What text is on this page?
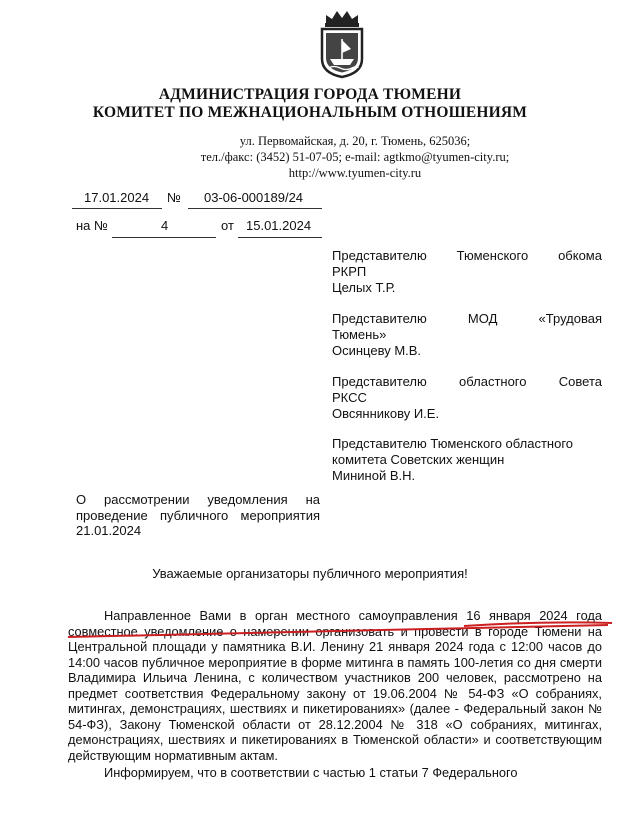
АДМИНИСТРАЦИЯ ГОРОДА ТЮМЕНИ
КОМИТЕТ ПО МЕЖНАЦИОНАЛЬНЫМ ОТНОШЕНИЯМ
ул. Первомайская, д. 20, г. Тюмень, 625036;
тел./факс: (3452) 51-07-05; e-mail: agtkmo@tyumen-city.ru;
http://www.tyumen-city.ru
17.01.2024 № 03-06-000189/24
на №	4	от 15.01.2024
Представителю Тюменского обкома
РКРП
Целых Т.Р.
Представителю	МОД	«Трудовая
Тюмень»
Осинцеву М.В.
Представителю областного Совета
РКСС
Овсянникову И.Е.
Представителю Тюменского областного
комитета Советских женщин
Мининой В.Н.
О рассмотрении уведомления на проведение публичного мероприятия 21.01.2024
Уважаемые организаторы публичного мероприятия!

Направленное Вами в орган местного самоуправления 16 января 2024 года совместное уведомление о намерении организовать и провести в городе Тюмени на Центральной площади у памятника В.И. Ленину 21 января 2024 года с 12:00 часов до 14:00 часов публичное мероприятие в форме митинга в память 100-летия со дня смерти Владимира Ильича Ленина, с количеством участников 200 человек, рассмотрено на предмет соответствия Федеральному закону от 19.06.2004 № 54-ФЗ «О собраниях, митингах, демонстрациях, шествиях и пикетированиях» (далее - Федеральный закон № 54-ФЗ), Закону Тюменской области от 28.12.2004 № 318 «О собраниях, митингах, демонстрациях, шествиях и пикетированиях в Тюменской области» и соответствующим действующим нормативным актам.

Информируем, что в соответствии с частью 1 статьи 7 Федерального
